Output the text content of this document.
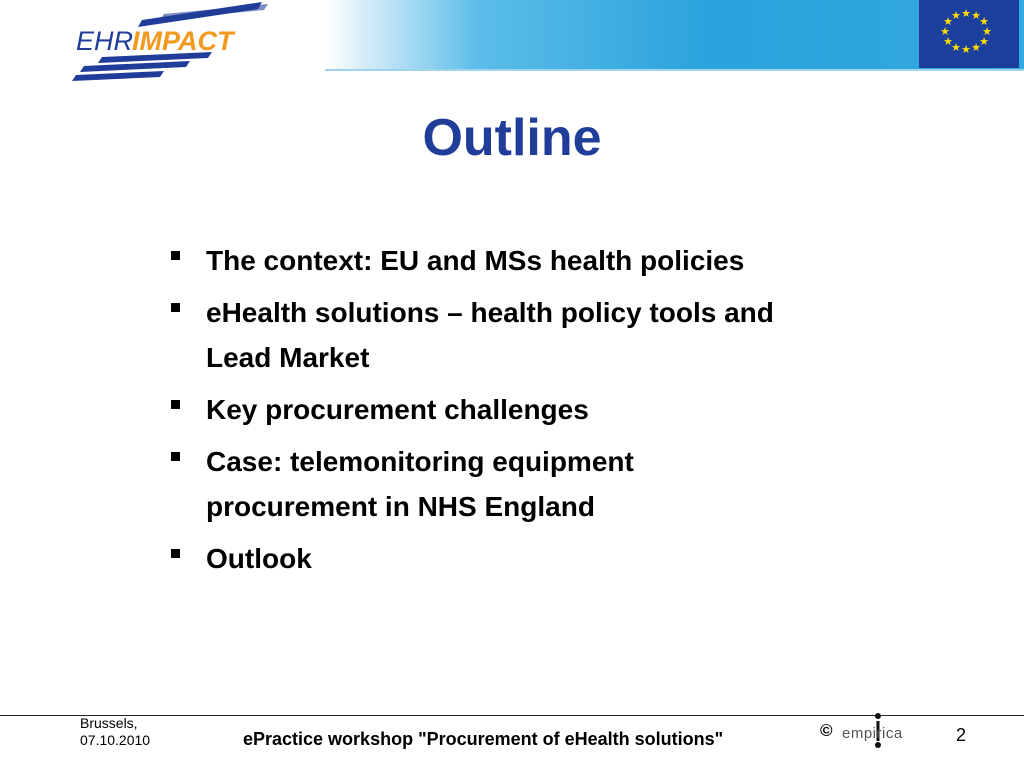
EHR
IMPACT
★ ★
★
★
★
★
★
★
★
★
★
★
Outline
The context: EU and MSs health policies
eHealth solutions – health policy tools and
Lead Market
Key procurement challenges
Case: telemonitoring equipment
procurement in NHS England
Outlook
Brussels,
07.10.2010	ePractice workshop "Procurement of eHealth solutions"	© empirica	2
